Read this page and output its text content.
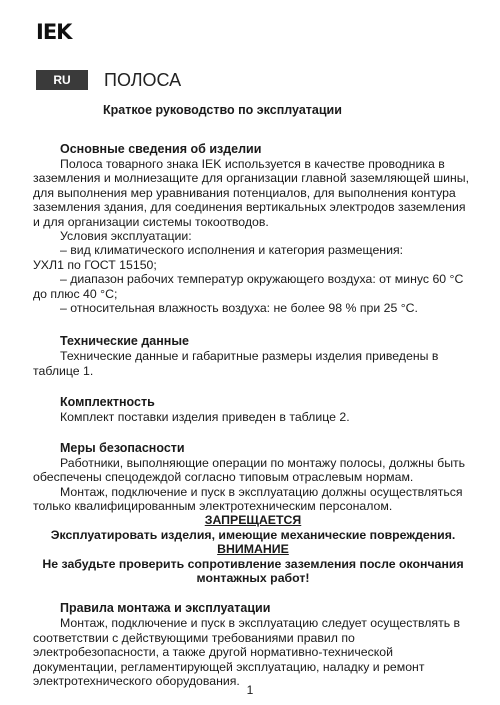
IEK
RU	ПОЛОСА
Краткое руководство по эксплуатации
Основные сведения об изделии

Полоса товарного знака IEK используется в качестве проводника в заземления и молниезащите для организации главной заземляющей шины, для выполнения мер уравнивания потенциалов, для выполнения контура заземления здания, для соединения вертикальных электродов заземления и для организации системы токоотводов.

Условия эксплуатации:

– вид климатического исполнения и категория размещения:

УХЛ1 по ГОСТ 15150;

– диапазон рабочих температур окружающего воздуха: от минус 60 °С до плюс 40 °С;

– относительная влажность воздуха: не более 98 % при 25 °С.

Технические данные

Технические данные и габаритные размеры изделия приведены в таблице 1.

Комплектность

Комплект поставки изделия приведен в таблице 2.

Меры безопасности

Работники, выполняющие операции по монтажу полосы, должны быть обеспечены спецодеждой согласно типовым отраслевым нормам.

Монтаж, подключение и пуск в эксплуатацию должны осуществляться только квалифицированным электротехническим персоналом.

ЗАПРЕЩАЕТСЯ

Эксплуатировать изделия, имеющие механические повреждения.

ВНИМАНИЕ

Не забудьте проверить сопротивление заземления после окончания монтажных работ!

Правила монтажа и эксплуатации

Монтаж, подключение и пуск в эксплуатацию следует осуществлять в соответствии с действующими требованиями правил по электробезопасности, а также другой нормативно-технической документации, регламентирующей эксплуатацию, наладку и ремонт электротехнического оборудования.

1
